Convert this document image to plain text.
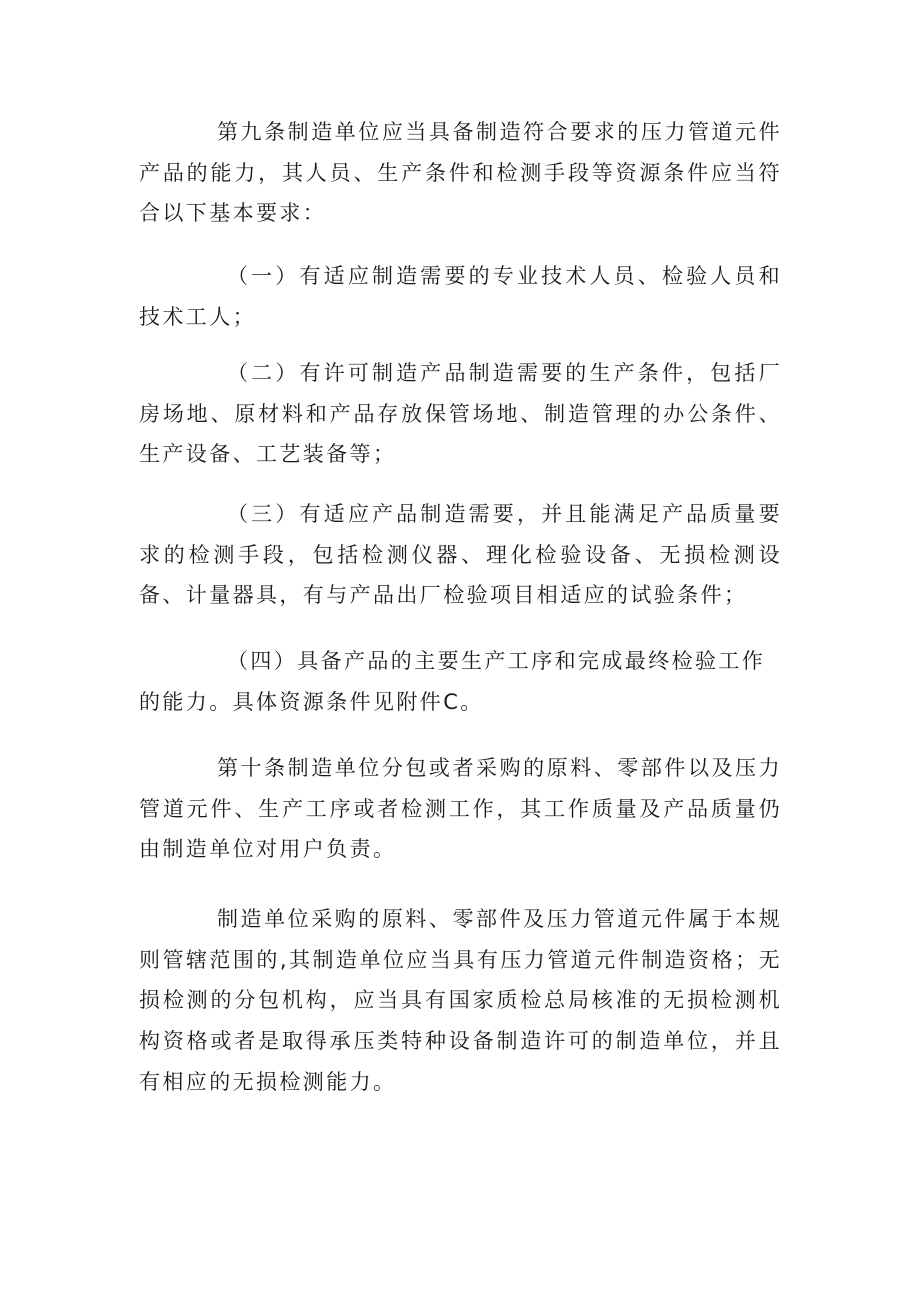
第九条制造单位应当具备制造符合要求的压力管道元件产品的能力，其人员、生产条件和检测手段等资源条件应当符合以下基本要求：

（一）有适应制造需要的专业技术人员、检验人员和技术工人；

（二）有许可制造产品制造需要的生产条件，包括厂房场地、原材料和产品存放保管场地、制造管理的办公条件、生产设备、工艺装备等；

（三）有适应产品制造需要，并且能满足产品质量要求的检测手段，包括检测仪器、理化检验设备、无损检测设备、计量器具，有与产品出厂检验项目相适应的试验条件；

（四）具备产品的主要生产工序和完成最终检验工作
的能力。具体资源条件见附件C。

第十条制造单位分包或者采购的原料、零部件以及压力管道元件、生产工序或者检测工作，其工作质量及产品质量仍由制造单位对用户负责。

制造单位采购的原料、零部件及压力管道元件属于本规则管辖范围的,其制造单位应当具有压力管道元件制造资格；无损检测的分包机构，应当具有国家质检总局核准的无损检测机构资格或者是取得承压类特种设备制造许可的制造单位，并且有相应的无损检测能力。
